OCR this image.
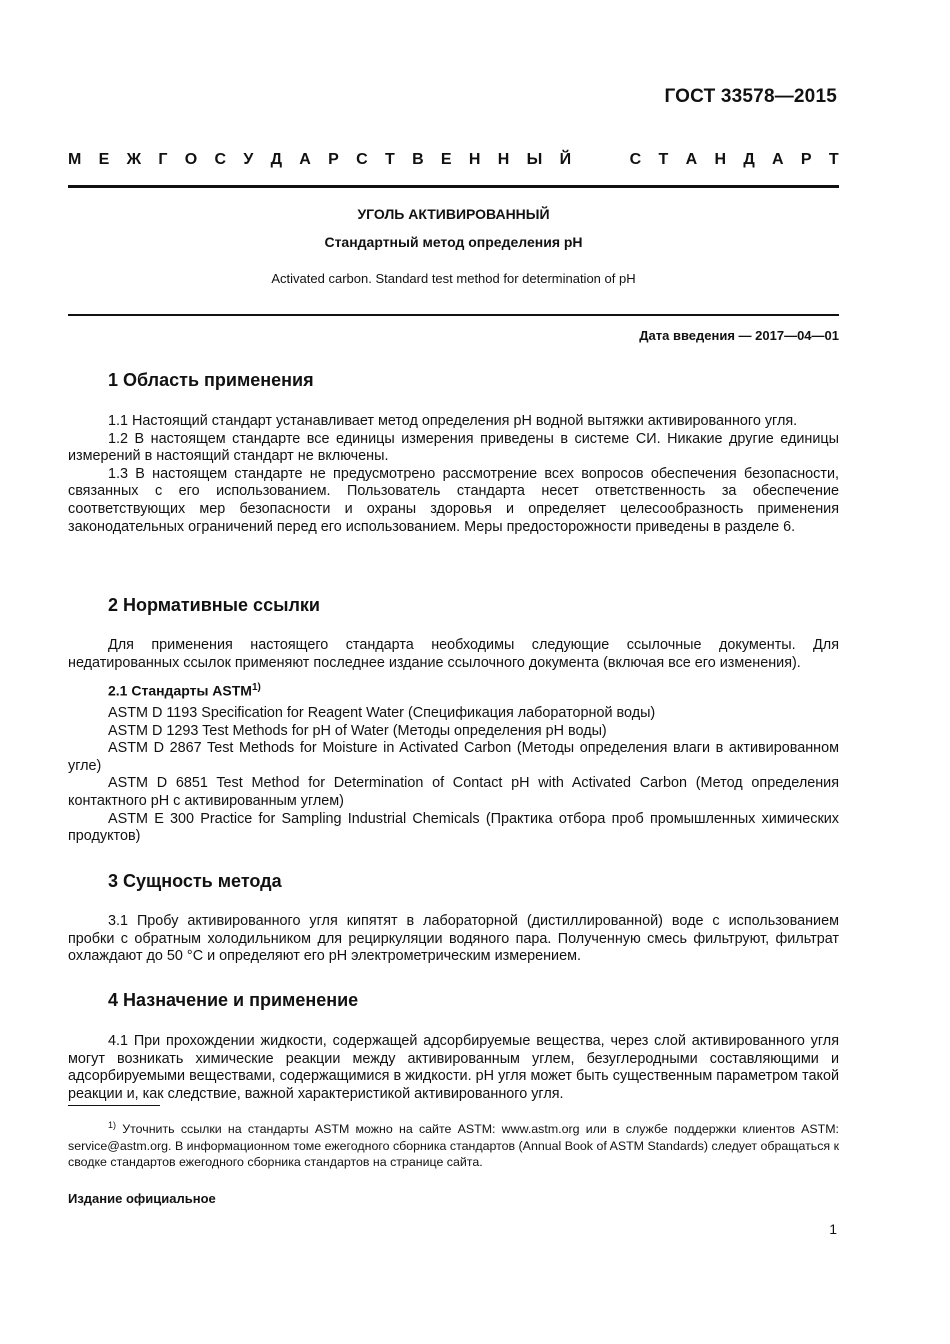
ГОСТ 33578—2015
М Е Ж Г О С У Д А Р С Т В Е Н Н Ы Й	С Т А Н Д А Р Т
УГОЛЬ АКТИВИРОВАННЫЙ
Стандартный метод определения рН
Activated carbon. Standard test method for determination of pH
Дата введения — 2017—04—01
1 Область применения

1.1 Настоящий стандарт устанавливает метод определения рН водной вытяжки активированного угля.

1.2 В настоящем стандарте все единицы измерения приведены в системе СИ. Никакие другие единицы измерений в настоящий стандарт не включены.

1.3 В настоящем стандарте не предусмотрено рассмотрение всех вопросов обеспечения безопасности, связанных с его использованием. Пользователь стандарта несет ответственность за обеспечение соответствующих мер безопасности и охраны здоровья и определяет целесообразность применения законодательных ограничений перед его использованием. Меры предосторожности приведены в разделе 6.

2 Нормативные ссылки

Для применения настоящего стандарта необходимы следующие ссылочные документы. Для недатированных ссылок применяют последнее издание ссылочного документа (включая все его изменения).

2.1 Стандарты ASTM$^{1)}$

ASTM D 1193 Specification for Reagent Water (Спецификация лабораторной воды)

ASTM D 1293 Test Methods for pH of Water (Методы определения рН воды)

ASTM D 2867 Test Methods for Moisture in Activated Carbon (Методы определения влаги в активированном угле)

ASTM D 6851 Test Method for Determination of Contact pH with Activated Carbon (Метод определения контактного рН с активированным углем)

ASTM E 300 Practice for Sampling Industrial Chemicals (Практика отбора проб промышленных химических продуктов)

3 Сущность метода

3.1 Пробу активированного угля кипятят в лабораторной (дистиллированной) воде с использованием пробки с обратным холодильником для рециркуляции водяного пара. Полученную смесь фильтруют, фильтрат охлаждают до 50 °С и определяют его рН электрометрическим измерением.

4 Назначение и применение

4.1 При прохождении жидкости, содержащей адсорбируемые вещества, через слой активированного угля могут возникать химические реакции между активированным углем, безуглеродными составляющими и адсорбируемыми веществами, содержащимися в жидкости. рН угля может быть существенным параметром такой реакции и, как следствие, важной характеристикой активированного угля.

$^{1)}$ Уточнить ссылки на стандарты ASTM можно на сайте ASTM: www.astm.org или в службе поддержки клиентов ASTM: service@astm.org. В информационном томе ежегодного сборника стандартов (Annual Book of ASTM Standards) следует обращаться к сводке стандартов ежегодного сборника стандартов на странице сайта.

Издание официальное
1
